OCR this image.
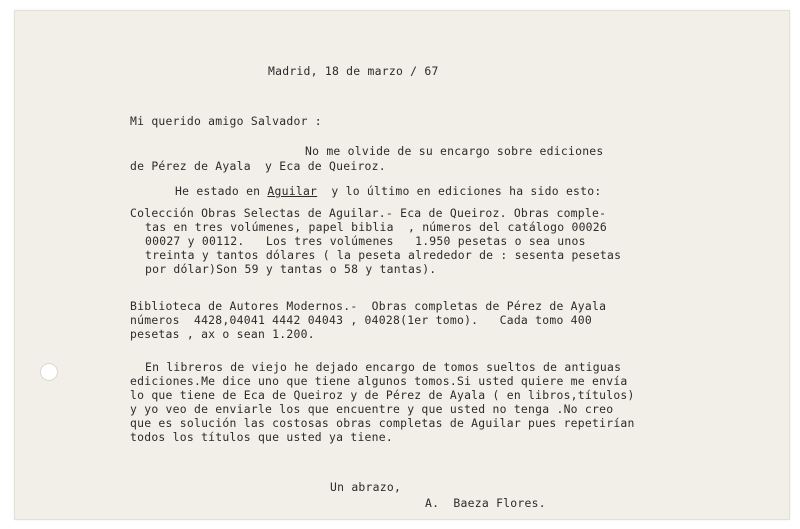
Madrid, 18 de marzo / 67
Mi querido amigo Salvador :
No me olvide de su encargo sobre ediciones
de Pérez de Ayala  y Eca de Queiroz.
He estado en Aguilar  y lo último en ediciones ha sido esto:
Colección Obras Selectas de Aguilar.- Eca de Queiroz. Obras comple-
tas en tres volúmenes, papel biblia  , números del catálogo 00026
00027 y 00112.   Los tres volúmenes   1.950 pesetas o sea unos
treinta y tantos dólares ( la peseta alrededor de : sesenta pesetas
por dólar)Son 59 y tantas o 58 y tantas).
Biblioteca de Autores Modernos.-  Obras completas de Pérez de Ayala
números  4428,04041 4442 04043 , 04028(1er tomo).   Cada tomo 400
pesetas , ax o sean 1.200.
En libreros de viejo he dejado encargo de tomos sueltos de antiguas
ediciones.Me dice uno que tiene algunos tomos.Si usted quiere me envía
lo que tiene de Eca de Queiroz y de Pérez de Ayala ( en libros,títulos)
y yo veo de enviarle los que encuentre y que usted no tenga .No creo
que es solución las costosas obras completas de Aguilar pues repetirían
todos los títulos que usted ya tiene.
Un abrazo,
A.  Baeza Flores.
